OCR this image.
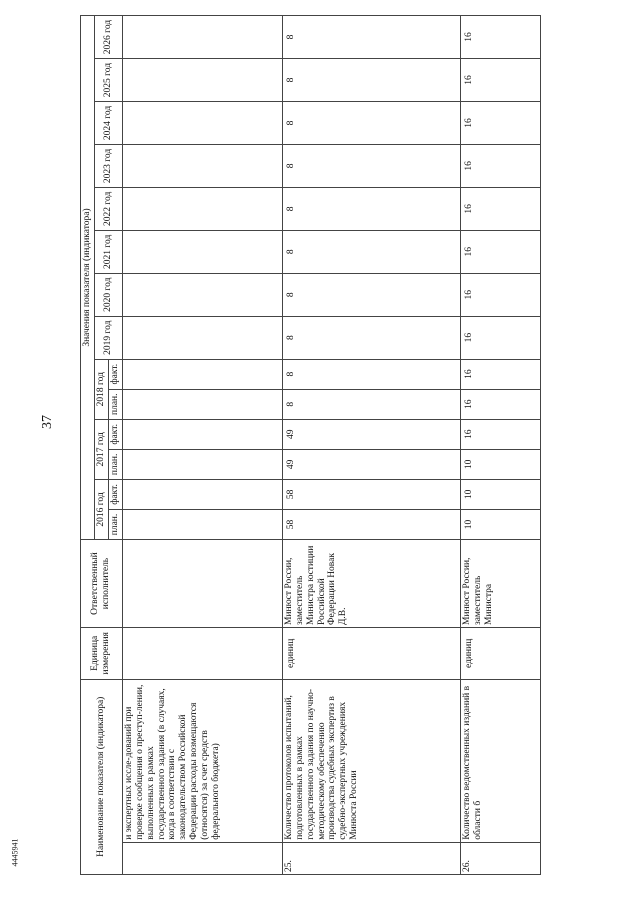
37
4445941	Наименование показателя (индикатора)		Единица измерения	Ответственный исполнитель	Значения показателя (индикатора)													
				2016 год		2017 год		2018 год		2019 год	2020 год	2021 год	2022 год	2023 год	2024 год	2025 год	2026 год
				план.	факт.	план.	факт.	план.	факт.								
	и экспертных иссле-дований при проверке сообщения о преступ-лении, выполненных в рамках государственного задания (в случаях, когда в соответствии с законодательством Российской Федерации расходы возмещаются (относятся) за счет средств федерального бюджета)																
25.	Количество протоколов испытаний, подготовленных в рамках государственного задания по научно-методическому обеспечению производства судебных экспертиз в судебно-экспертных учреждениях Минюста России	единиц	Минюст России, заместитель Министра юстиции Российской Федерации Новак Д.В.	58	58	49	49	8	8	8	8	8	8	8	8	8	8
26.	Количество ведомственных изданий в области б	единиц	Минюст России, заместитель Министра	10	10	10	16	16	16	16	16	16	16	16	16	16	16
